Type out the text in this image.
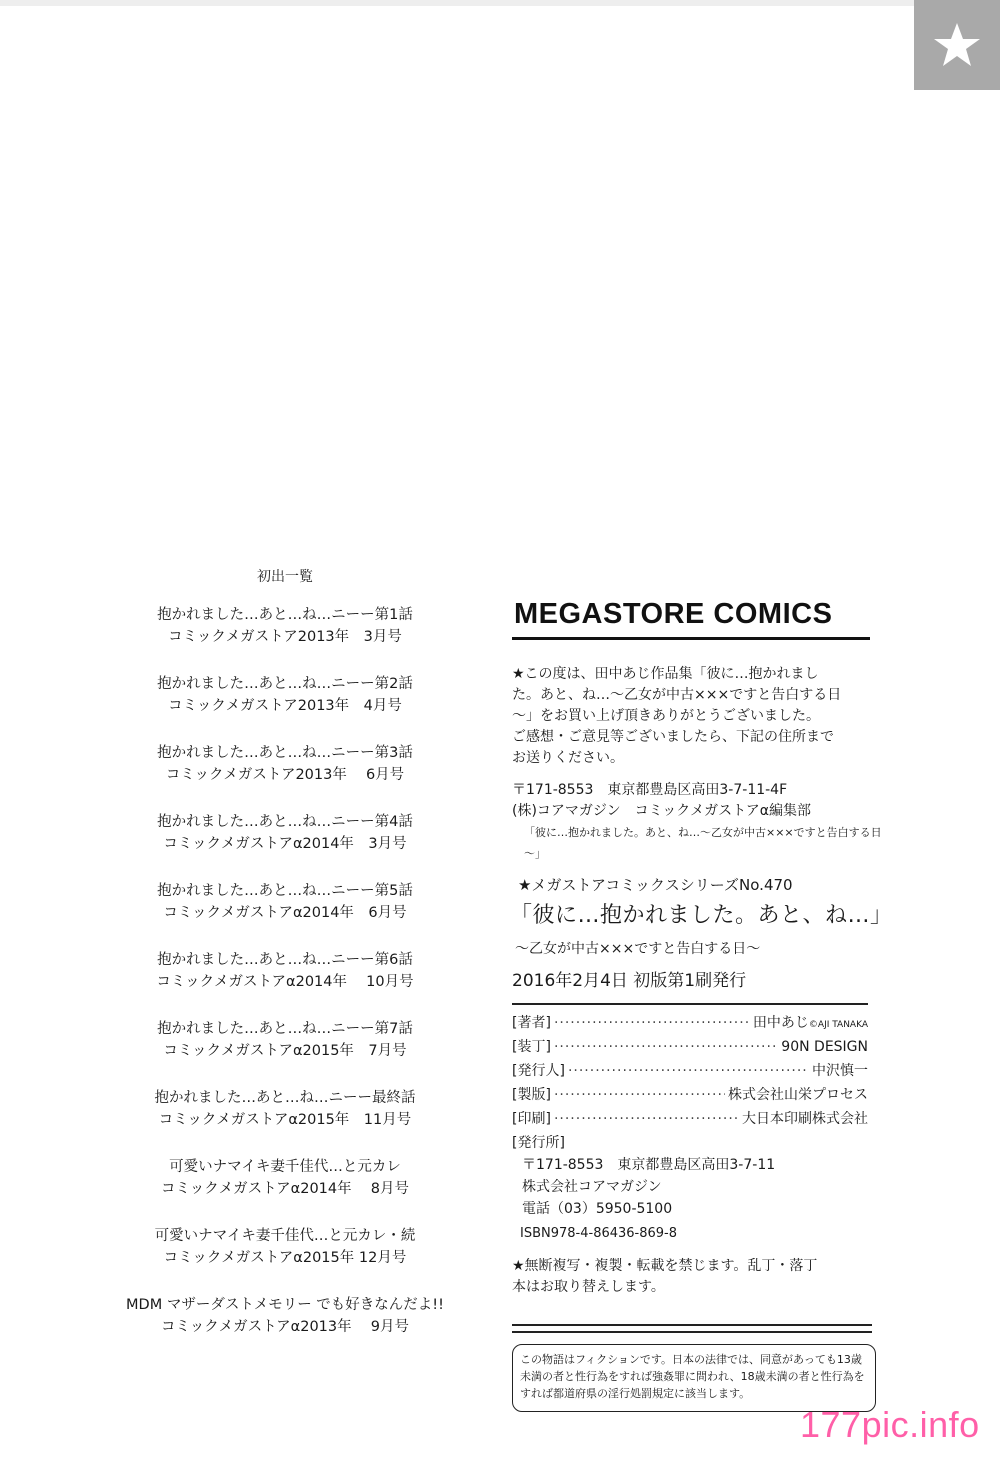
初出一覧
抱かれました…あと…ね…ニーー第1話
コミックメガストア2013年　3月号
抱かれました…あと…ね…ニーー第2話
コミックメガストア2013年　4月号
抱かれました…あと…ね…ニーー第3話
コミックメガストア2013年　 6月号
抱かれました…あと…ね…ニーー第4話
コミックメガストアα2014年　3月号
抱かれました…あと…ね…ニーー第5話
コミックメガストアα2014年　6月号
抱かれました…あと…ね…ニーー第6話
コミックメガストアα2014年　 10月号
抱かれました…あと…ね…ニーー第7話
コミックメガストアα2015年　7月号
抱かれました…あと…ね…ニーー最終話
コミックメガストアα2015年　11月号
可愛いナマイキ妻千佳代…と元カレ
コミックメガストアα2014年　 8月号
可愛いナマイキ妻千佳代…と元カレ・続
コミックメガストアα2015年 12月号
MDM マザーダストメモリー でも好きなんだよ!!
コミックメガストアα2013年　 9月号
MEGASTORE COMICS
★この度は、田中あじ作品集「彼に…抱かれまし
た。あと、ね…～乙女が中古×××ですと告白する日
～」をお買い上げ頂きありがとうございました。
ご感想・ご意見等ございましたら、下記の住所まで
お送りください。
〒171-8553　東京都豊島区高田3-7-11-4F
(株)コアマガジン　コミックメガストアα編集部
「彼に…抱かれました。あと、ね…～乙女が中古×××ですと告白する日～」
★メガストアコミックスシリーズNo.470
「彼に…抱かれました。あと、ね…」
～乙女が中古×××ですと告白する日～
2016年2月4日 初版第1刷発行
[著者] ·····	田中あじ©AJI TANAKA
[装丁] ·····	90N DESIGN
[発行人] ·····	中沢慎一
[製版] ·····	株式会社山栄プロセス
[印刷] ·····	大日本印刷株式会社
[発行所]
〒171-8553　東京都豊島区高田3-7-11
株式会社コアマガジン
電話（03）5950-5100
ISBN978-4-86436-869-8
★無断複写・複製・転載を禁じます。乱丁・落丁
本はお取り替えします。
この物語はフィクションです。日本の法律では、同意があっても13歳未満の者と性行為をすれば強姦罪に問われ、18歳未満の者と性行為をすれば都道府県の淫行処罰規定に該当します。
177pic.info
